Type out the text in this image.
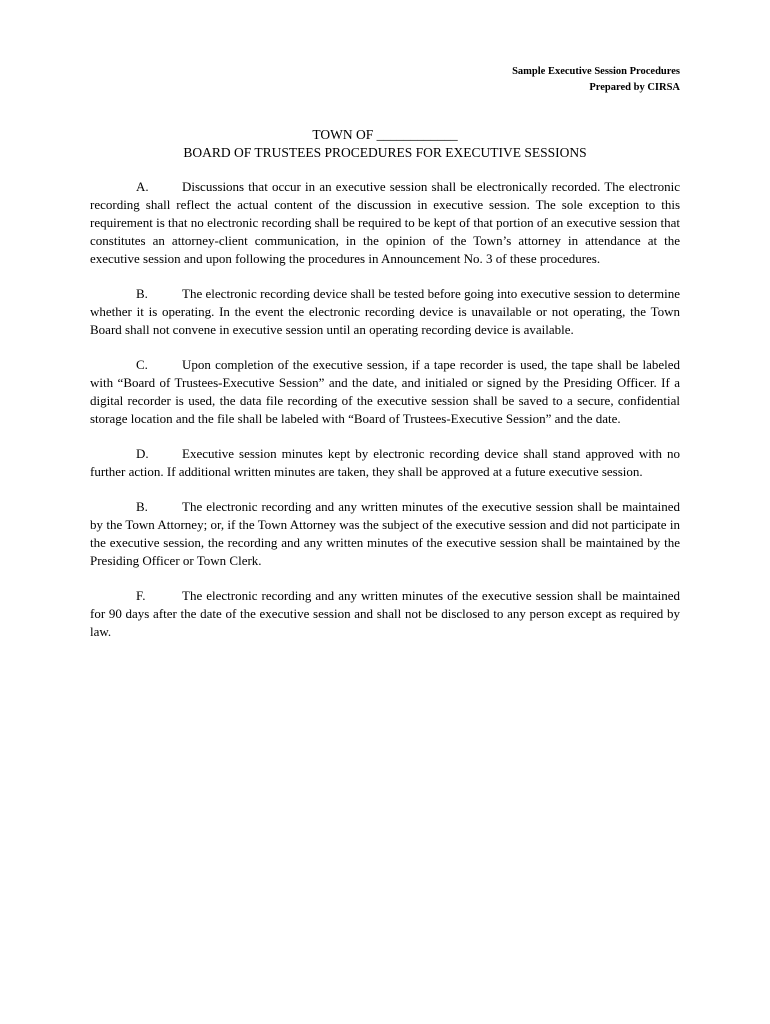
Sample Executive Session Procedures
Prepared by CIRSA
TOWN OF ____________
BOARD OF TRUSTEES PROCEDURES FOR EXECUTIVE SESSIONS

A.	Discussions that occur in an executive session shall be electronically recorded. The electronic recording shall reflect the actual content of the discussion in executive session. The sole exception to this requirement is that no electronic recording shall be required to be kept of that portion of an executive session that constitutes an attorney-client communication, in the opinion of the Town’s attorney in attendance at the executive session and upon following the procedures in Announcement No. 3 of these procedures.

B.	The electronic recording device shall be tested before going into executive session to determine whether it is operating. In the event the electronic recording device is unavailable or not operating, the Town Board shall not convene in executive session until an operating recording device is available.

C.	Upon completion of the executive session, if a tape recorder is used, the tape shall be labeled with “Board of Trustees-Executive Session” and the date, and initialed or signed by the Presiding Officer. If a digital recorder is used, the data file recording of the executive session shall be saved to a secure, confidential storage location and the file shall be labeled with “Board of Trustees-Executive Session” and the date.

D.	Executive session minutes kept by electronic recording device shall stand approved with no further action. If additional written minutes are taken, they shall be approved at a future executive session.

B.	The electronic recording and any written minutes of the executive session shall be maintained by the Town Attorney; or, if the Town Attorney was the subject of the executive session and did not participate in the executive session, the recording and any written minutes of the executive session shall be maintained by the Presiding Officer or Town Clerk.

F.	The electronic recording and any written minutes of the executive session shall be maintained for 90 days after the date of the executive session and shall not be disclosed to any person except as required by law.
